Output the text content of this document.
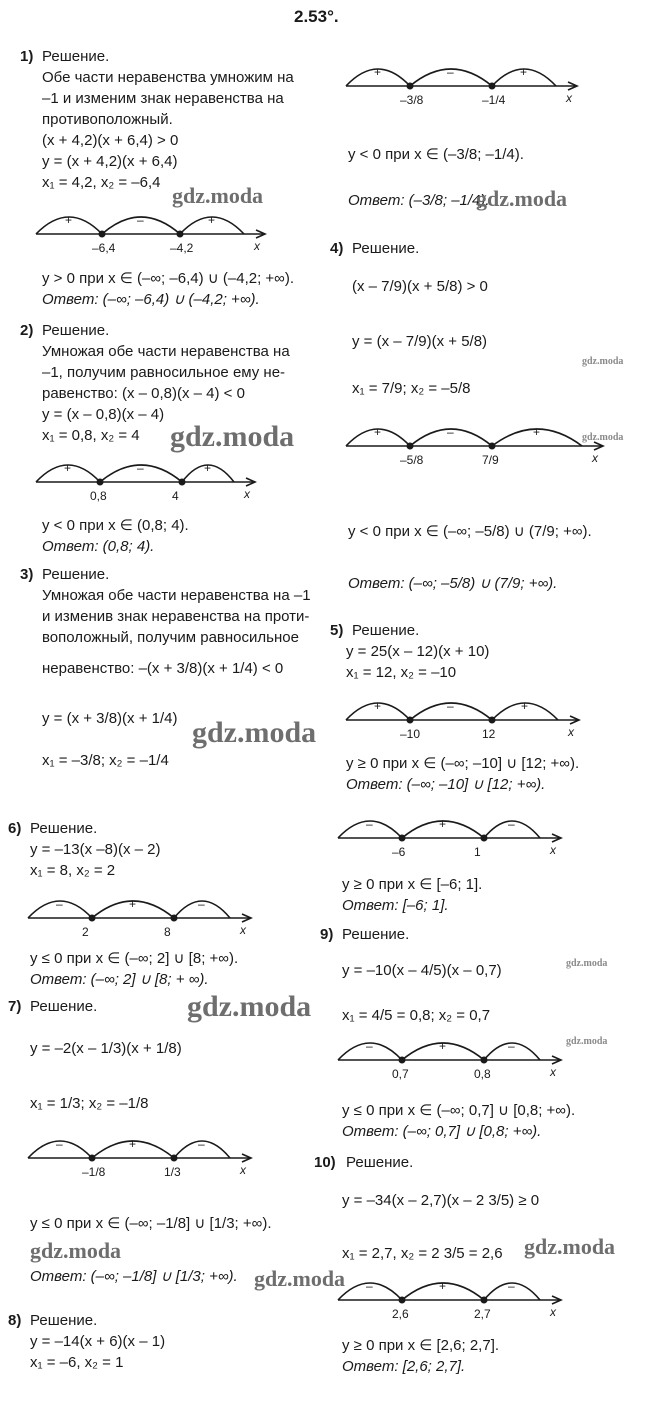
2.53°.
1) Решение.
Обе части неравенства умножим на
–1 и изменим знак неравенства на
противоположный.
(x + 4,2)(x + 6,4) > 0
y = (x + 4,2)(x + 6,4)
x₁ = 4,2, x₂ = –6,4
+	–	+
–6,4	–4,2	x
y > 0 при x ∈ (–∞; –6,4) ∪ (–4,2; +∞).
Ответ: (–∞; –6,4) ∪ (–4,2; +∞).
2) Решение.
Умножая обе части неравенства на
–1, получим равносильное ему не-
равенство: (x – 0,8)(x – 4) < 0
y = (x – 0,8)(x – 4)
x₁ = 0,8, x₂ = 4
+	–	+
0,8	4	x
y < 0 при x ∈ (0,8; 4).
Ответ: (0,8; 4).
3) Решение.
Умножая обе части неравенства на –1
и изменив знак неравенства на проти-
воположный, получим равносильное
неравенство: –(x + 3/8)(x + 1/4) < 0
y = (x + 3/8)(x + 1/4)
x₁ = –3/8; x₂ = –1/4
+	–	+
–3/8	–1/4	x
y < 0 при x ∈ (–3/8; –1/4).
Ответ: (–3/8; –1/4).
4) Решение.
(x – 7/9)(x + 5/8) > 0
y = (x – 7/9)(x + 5/8)
x₁ = 7/9; x₂ = –5/8
+	–	+
–5/8	7/9	x
y < 0 при x ∈ (–∞; –5/8) ∪ (7/9; +∞).
Ответ: (–∞; –5/8) ∪ (7/9; +∞).
5) Решение.
y = 25(x – 12)(x + 10)
x₁ = 12, x₂ = –10
+	–	+
–10	12	x
y ≥ 0 при x ∈ (–∞; –10] ∪ [12; +∞).
Ответ: (–∞; –10] ∪ [12; +∞).
6) Решение.
y = –13(x –8)(x – 2)
x₁ = 8, x₂ = 2
–	+	–
2	8	x
y ≤ 0 при x ∈ (–∞; 2] ∪ [8; +∞).
Ответ: (–∞; 2] ∪ [8; + ∞).
7) Решение.
y = –2(x – 1/3)(x + 1/8)
x₁ = 1/3; x₂ = –1/8
–	+	–
–1/8	1/3	x
y ≤ 0 при x ∈ (–∞; –1/8] ∪ [1/3; +∞).
Ответ: (–∞; –1/8] ∪ [1/3; +∞).
8) Решение.
y = –14(x + 6)(x – 1)
x₁ = –6, x₂ = 1
–	+	–
–6	1	x
y ≥ 0 при x ∈ [–6; 1].
Ответ: [–6; 1].
9) Решение.
y = –10(x – 4/5)(x – 0,7)
x₁ = 4/5 = 0,8; x₂ = 0,7
–	+	–
0,7	0,8	x
y ≤ 0 при x ∈ (–∞; 0,7] ∪ [0,8; +∞).
Ответ: (–∞; 0,7] ∪ [0,8; +∞).
10) Решение.
y = –34(x – 2,7)(x – 2 3/5) ≥ 0
x₁ = 2,7, x₂ = 2 3/5 = 2,6
–	+	–
2,6	2,7	x
y ≥ 0 при x ∈ [2,6; 2,7].
Ответ: [2,6; 2,7].
gdz.moda	gdz.moda
gdz.moda
gdz.moda
gdz.moda
gdz.moda
gdz.moda
gdz.moda
gdz.moda
gdz.moda	gdz.moda
gdz.moda
